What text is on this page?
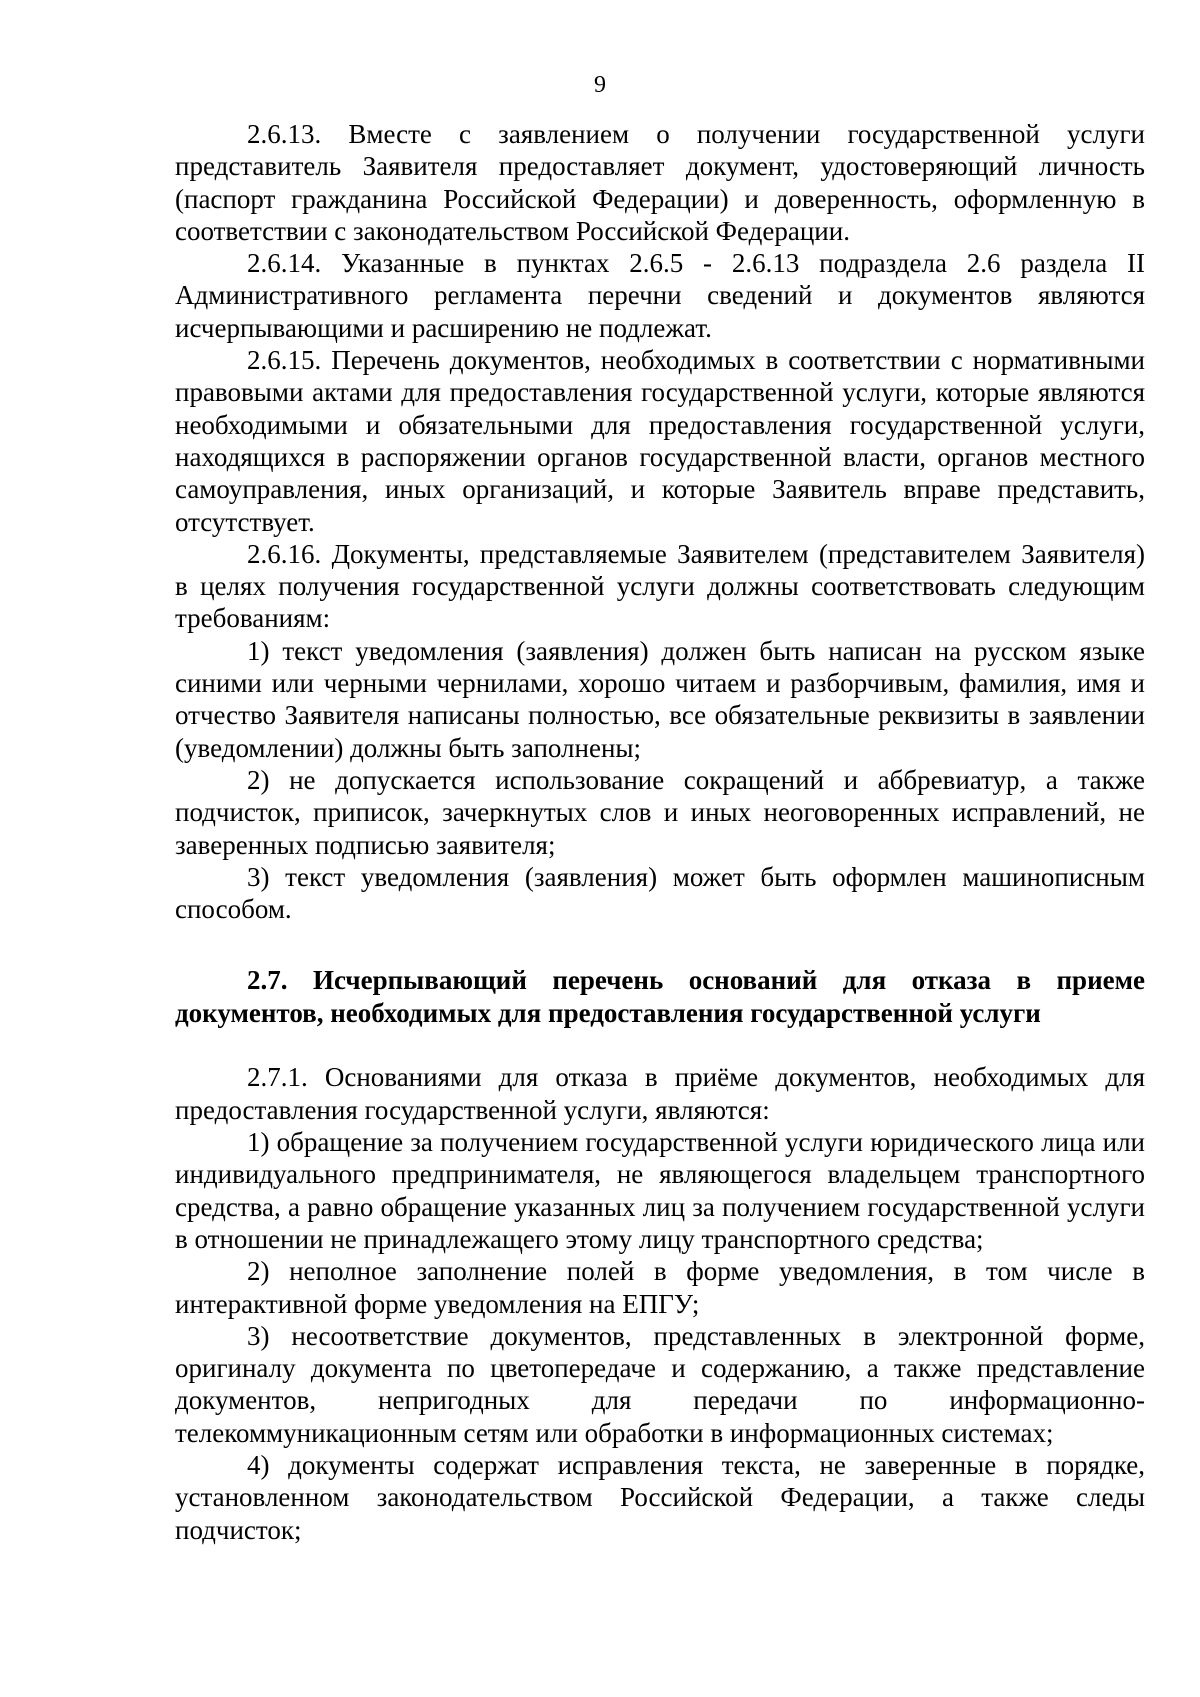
9

2.6.13. Вместе с заявлением о получении государственной услуги представитель Заявителя предоставляет документ, удостоверяющий личность (паспорт гражданина Российской Федерации) и доверенность, оформленную в соответствии с законодательством Российской Федерации.

2.6.14. Указанные в пунктах 2.6.5 - 2.6.13 подраздела 2.6 раздела II Административного регламента перечни сведений и документов являются исчерпывающими и расширению не подлежат.

2.6.15. Перечень документов, необходимых в соответствии с нормативными правовыми актами для предоставления государственной услуги, которые являются необходимыми и обязательными для предоставления государственной услуги, находящихся в распоряжении органов государственной власти, органов местного самоуправления, иных организаций, и которые Заявитель вправе представить, отсутствует.

2.6.16. Документы, представляемые Заявителем (представителем Заявителя) в целях получения государственной услуги должны соответствовать следующим требованиям:

1) текст уведомления (заявления) должен быть написан на русском языке синими или черными чернилами, хорошо читаем и разборчивым, фамилия, имя и отчество Заявителя написаны полностью, все обязательные реквизиты в заявлении (уведомлении) должны быть заполнены;

2) не допускается использование сокращений и аббревиатур, а также подчисток, приписок, зачеркнутых слов и иных неоговоренных исправлений, не заверенных подписью заявителя;

3) текст уведомления (заявления) может быть оформлен машинописным способом.

2.7. Исчерпывающий перечень оснований для отказа в приеме документов, необходимых для предоставления государственной услуги

2.7.1. Основаниями для отказа в приёме документов, необходимых для предоставления государственной услуги, являются:

1) обращение за получением государственной услуги юридического лица или индивидуального предпринимателя, не являющегося владельцем транспортного средства, а равно обращение указанных лиц за получением государственной услуги в отношении не принадлежащего этому лицу транспортного средства;

2) неполное заполнение полей в форме уведомления, в том числе в интерактивной форме уведомления на ЕПГУ;

3) несоответствие документов, представленных в электронной форме, оригиналу документа по цветопередаче и содержанию, а также представление документов, непригодных для передачи по информационно-телекоммуникационным сетям или обработки в информационных системах;

4) документы содержат исправления текста, не заверенные в порядке, установленном законодательством Российской Федерации, а также следы подчисток;
